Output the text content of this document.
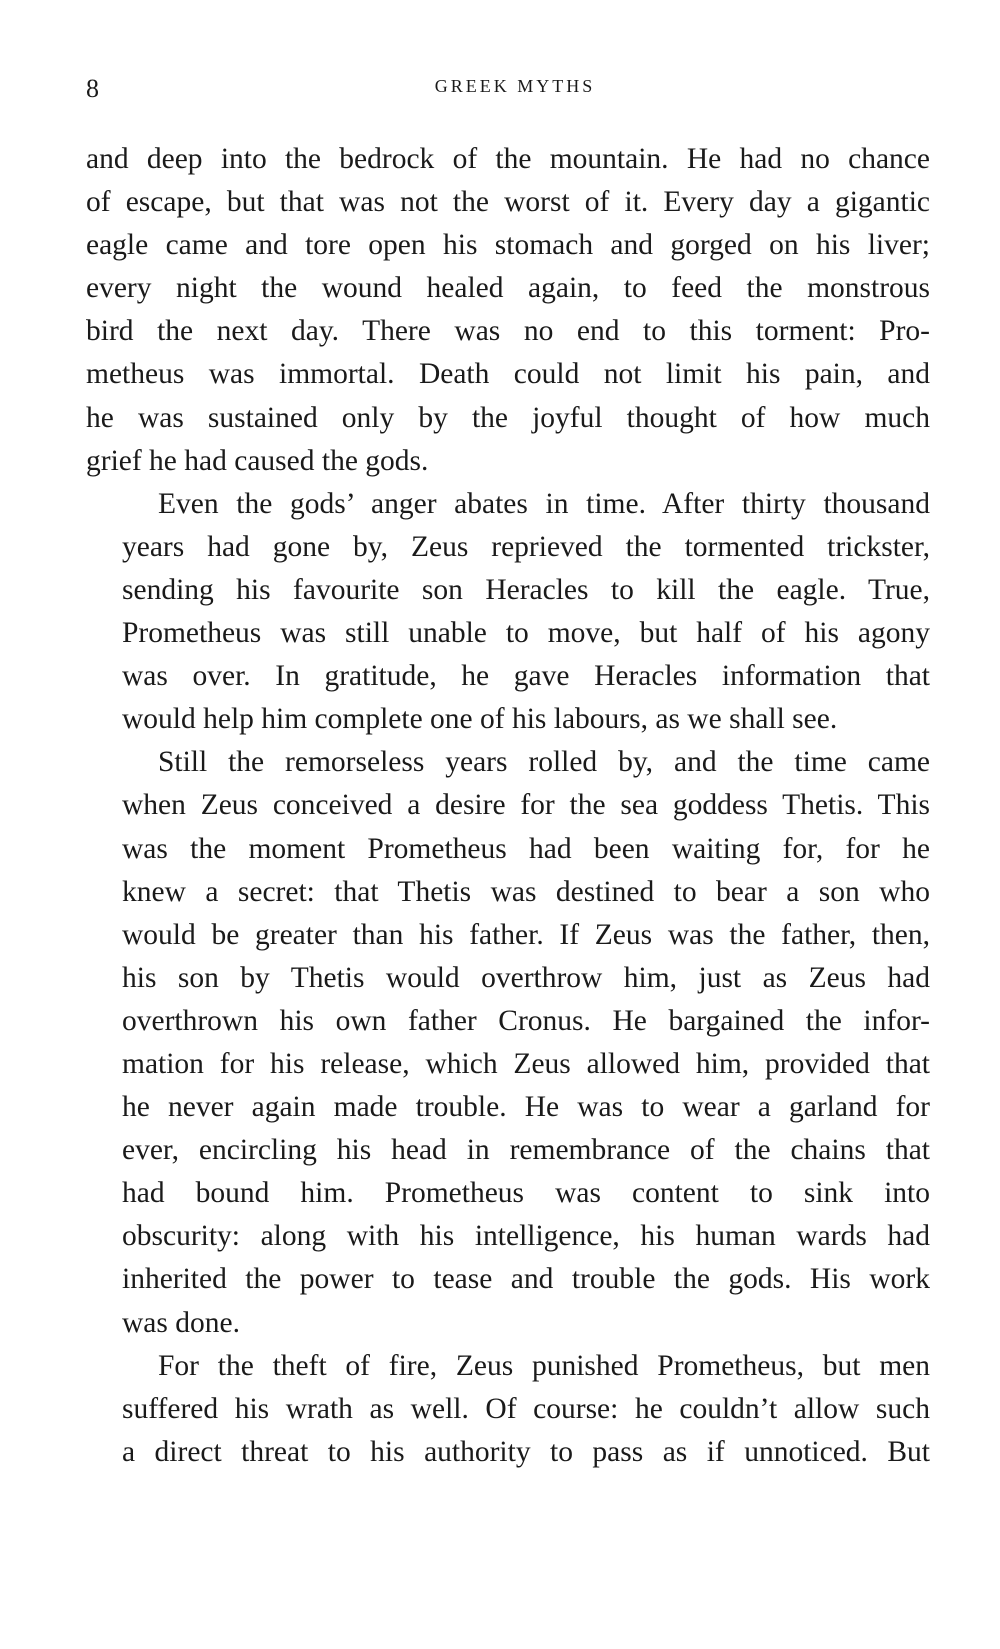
8	GREEK MYTHS
and deep into the bedrock of the mountain. He had no chance
of escape, but that was not the worst of it. Every day a gigantic
eagle came and tore open his stomach and gorged on his liver;
every night the wound healed again, to feed the monstrous
bird the next day. There was no end to this torment: Pro-
metheus was immortal. Death could not limit his pain, and
he was sustained only by the joyful thought of how much
grief he had caused the gods.
Even the gods’ anger abates in time. After thirty thousand
years had gone by, Zeus reprieved the tormented trickster,
sending his favourite son Heracles to kill the eagle. True,
Prometheus was still unable to move, but half of his agony
was over. In gratitude, he gave Heracles information that
would help him complete one of his labours, as we shall see.
Still the remorseless years rolled by, and the time came
when Zeus conceived a desire for the sea goddess Thetis. This
was the moment Prometheus had been waiting for, for he
knew a secret: that Thetis was destined to bear a son who
would be greater than his father. If Zeus was the father, then,
his son by Thetis would overthrow him, just as Zeus had
overthrown his own father Cronus. He bargained the infor-
mation for his release, which Zeus allowed him, provided that
he never again made trouble. He was to wear a garland for
ever, encircling his head in remembrance of the chains that
had bound him. Prometheus was content to sink into
obscurity: along with his intelligence, his human wards had
inherited the power to tease and trouble the gods. His work
was done.
For the theft of fire, Zeus punished Prometheus, but men
suffered his wrath as well. Of course: he couldn’t allow such
a direct threat to his authority to pass as if unnoticed. But
